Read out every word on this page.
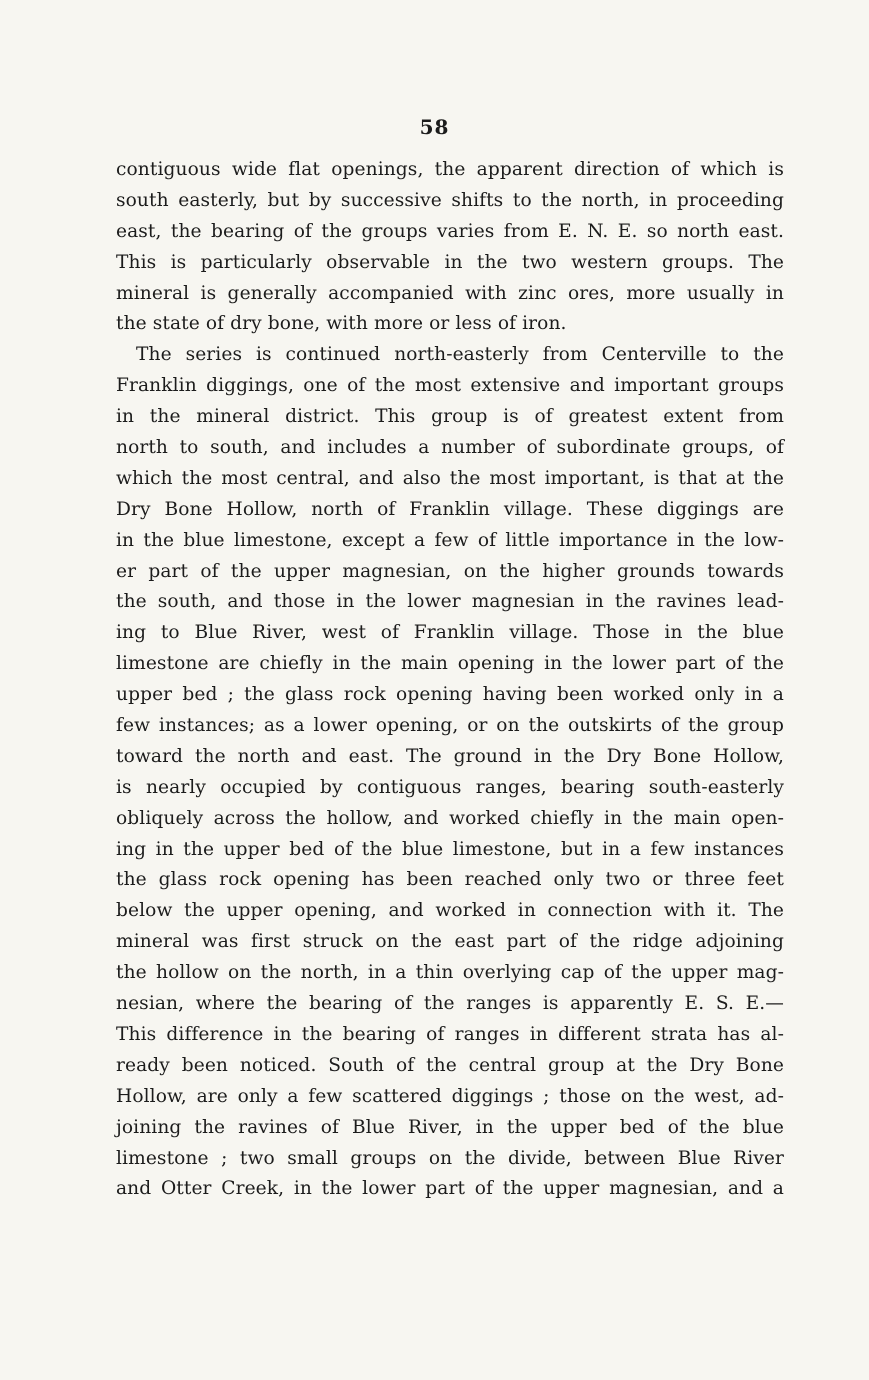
58
contiguous wide flat openings, the apparent direction of which is
south easterly, but by successive shifts to the north, in proceeding
east, the bearing of the groups varies from E. N. E. so north east.
This is particularly observable in the two western groups. The
mineral is generally accompanied with zinc ores, more usually in
the state of dry bone, with more or less of iron.
The series is continued north-easterly from Centerville to the
Franklin diggings, one of the most extensive and important groups
in the mineral district. This group is of greatest extent from
north to south, and includes a number of subordinate groups, of
which the most central, and also the most important, is that at the
Dry Bone Hollow, north of Franklin village. These diggings are
in the blue limestone, except a few of little importance in the low-
er part of the upper magnesian, on the higher grounds towards
the south, and those in the lower magnesian in the ravines lead-
ing to Blue River, west of Franklin village. Those in the blue
limestone are chiefly in the main opening in the lower part of the
upper bed ; the glass rock opening having been worked only in a
few instances; as a lower opening, or on the outskirts of the group
toward the north and east. The ground in the Dry Bone Hollow,
is nearly occupied by contiguous ranges, bearing south-easterly
obliquely across the hollow, and worked chiefly in the main open-
ing in the upper bed of the blue limestone, but in a few instances
the glass rock opening has been reached only two or three feet
below the upper opening, and worked in connection with it. The
mineral was first struck on the east part of the ridge adjoining
the hollow on the north, in a thin overlying cap of the upper mag-
nesian, where the bearing of the ranges is apparently E. S. E.—
This difference in the bearing of ranges in different strata has al-
ready been noticed. South of the central group at the Dry Bone
Hollow, are only a few scattered diggings ; those on the west, ad-
joining the ravines of Blue River, in the upper bed of the blue
limestone ; two small groups on the divide, between Blue River
and Otter Creek, in the lower part of the upper magnesian, and a
